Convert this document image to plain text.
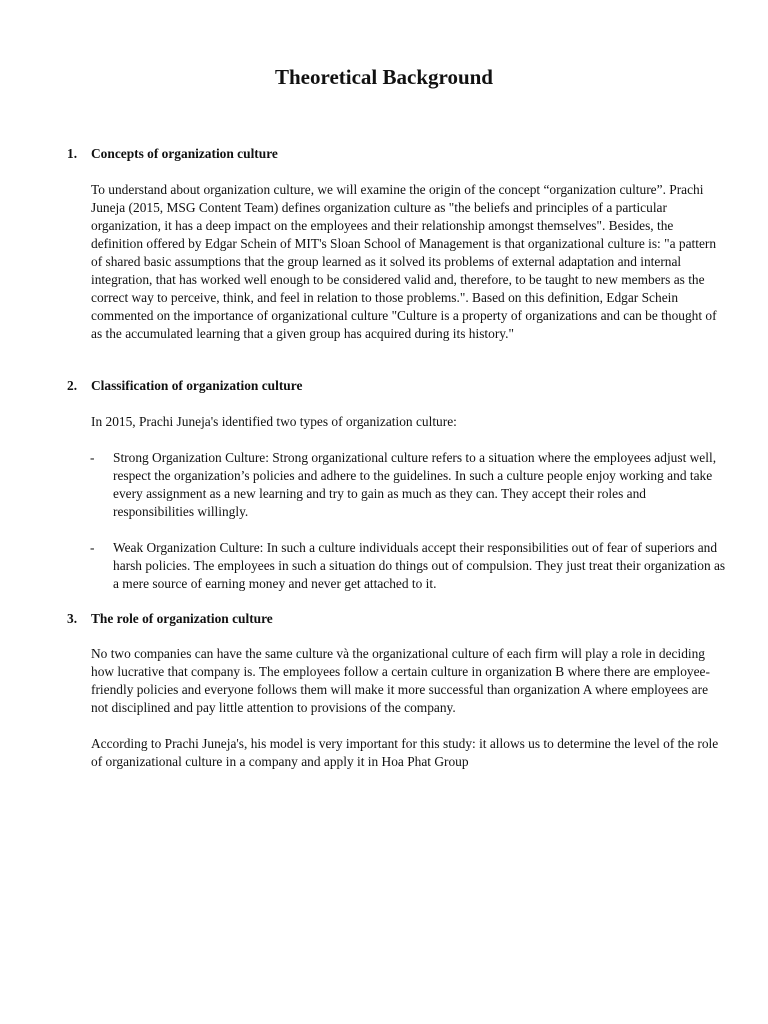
Theoretical Background
1. Concepts of organization culture
To understand about organization culture, we will examine the origin of the concept “organization culture”. Prachi Juneja (2015, MSG Content Team) defines organization culture as "the beliefs and principles of a particular organization, it has a deep impact on the employees and their relationship amongst themselves". Besides, the definition offered by Edgar Schein of MIT's Sloan School of Management is that organizational culture is: "a pattern of shared basic assumptions that the group learned as it solved its problems of external adaptation and internal integration, that has worked well enough to be considered valid and, therefore, to be taught to new members as the correct way to perceive, think, and feel in relation to those problems.". Based on this definition, Edgar Schein commented on the importance of organizational culture "Culture is a property of organizations and can be thought of as the accumulated learning that a given group has acquired during its history."
2. Classification of organization culture
In 2015, Prachi Juneja's identified two types of organization culture:
- Strong Organization Culture: Strong organizational culture refers to a situation where the employees adjust well, respect the organization’s policies and adhere to the guidelines. In such a culture people enjoy working and take every assignment as a new learning and try to gain as much as they can. They accept their roles and responsibilities willingly.
- Weak Organization Culture: In such a culture individuals accept their responsibilities out of fear of superiors and harsh policies. The employees in such a situation do things out of compulsion. They just treat their organization as a mere source of earning money and never get attached to it.
3. The role of organization culture
No two companies can have the same culture và the organizational culture of each firm will play a role in deciding how lucrative that company is. The employees follow a certain culture in organization B where there are employee-friendly policies and everyone follows them will make it more successful than organization A where employees are not disciplined and pay little attention to provisions of the company.
According to Prachi Juneja's, his model is very important for this study: it allows us to determine the level of the role of organizational culture in a company and apply it in Hoa Phat Group
